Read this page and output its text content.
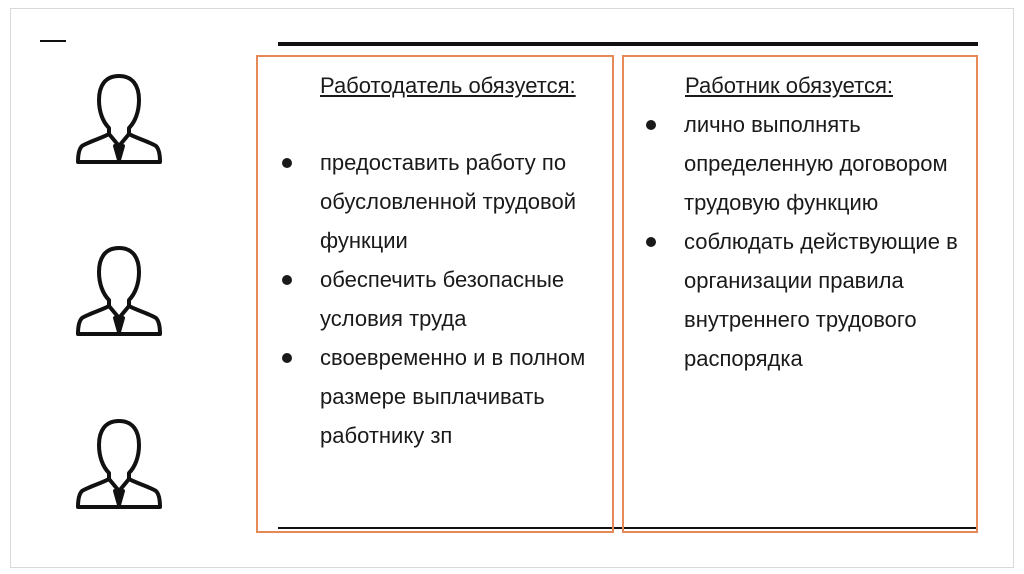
Работодатель обязуется:
предоставить работу по обусловленной трудовой функции
обеспечить безопасные условия труда
своевременно и в полном размере выплачивать работнику зп
Работник обязуется:
лично выполнять определенную договором трудовую функцию
соблюдать действующие в организации правила внутреннего трудового распорядка
